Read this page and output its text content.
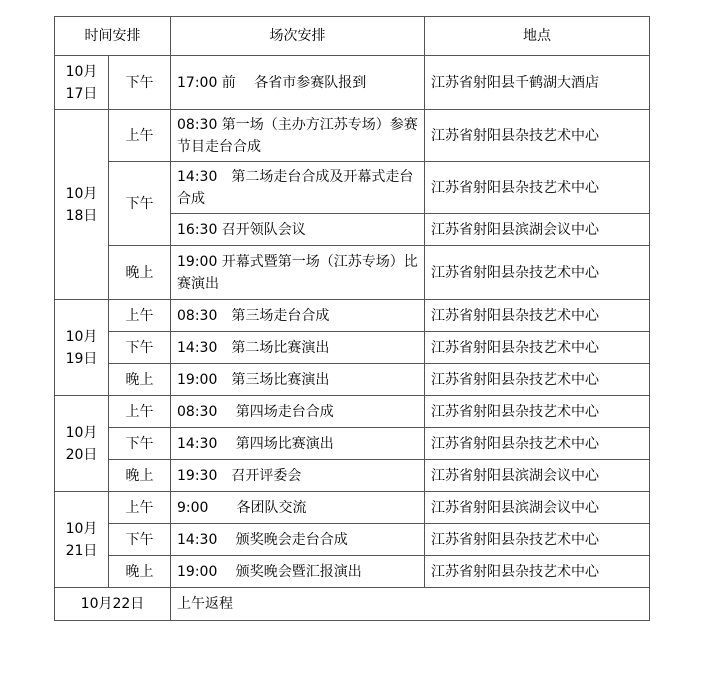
时间安排		场次安排	地点
10月17日	下午	17:00 前　 各省市参赛队报到	江苏省射阳县千鹤湖大酒店
10月18日	上午	08:30 第一场（主办方江苏专场）参赛节目走台合成	江苏省射阳县杂技艺术中心
	下午	14:30　第二场走台合成及开幕式走台合成	江苏省射阳县杂技艺术中心
		16:30 召开领队会议	江苏省射阳县滨湖会议中心
	晚上	19:00 开幕式暨第一场（江苏专场）比赛演出	江苏省射阳县杂技艺术中心
10月19日	上午	08:30　第三场走台合成	江苏省射阳县杂技艺术中心
	下午	14:30　第二场比赛演出	江苏省射阳县杂技艺术中心
	晚上	19:00　第三场比赛演出	江苏省射阳县杂技艺术中心
10月20日	上午	08:30　 第四场走台合成	江苏省射阳县杂技艺术中心
	下午	14:30　 第四场比赛演出	江苏省射阳县杂技艺术中心
	晚上	19:30　召开评委会	江苏省射阳县滨湖会议中心
10月21日	上午	9:00　　各团队交流	江苏省射阳县滨湖会议中心
	下午	14:30　 颁奖晚会走台合成	江苏省射阳县杂技艺术中心
	晚上	19:00　 颁奖晚会暨汇报演出	江苏省射阳县杂技艺术中心
10月22日		上午返程	
